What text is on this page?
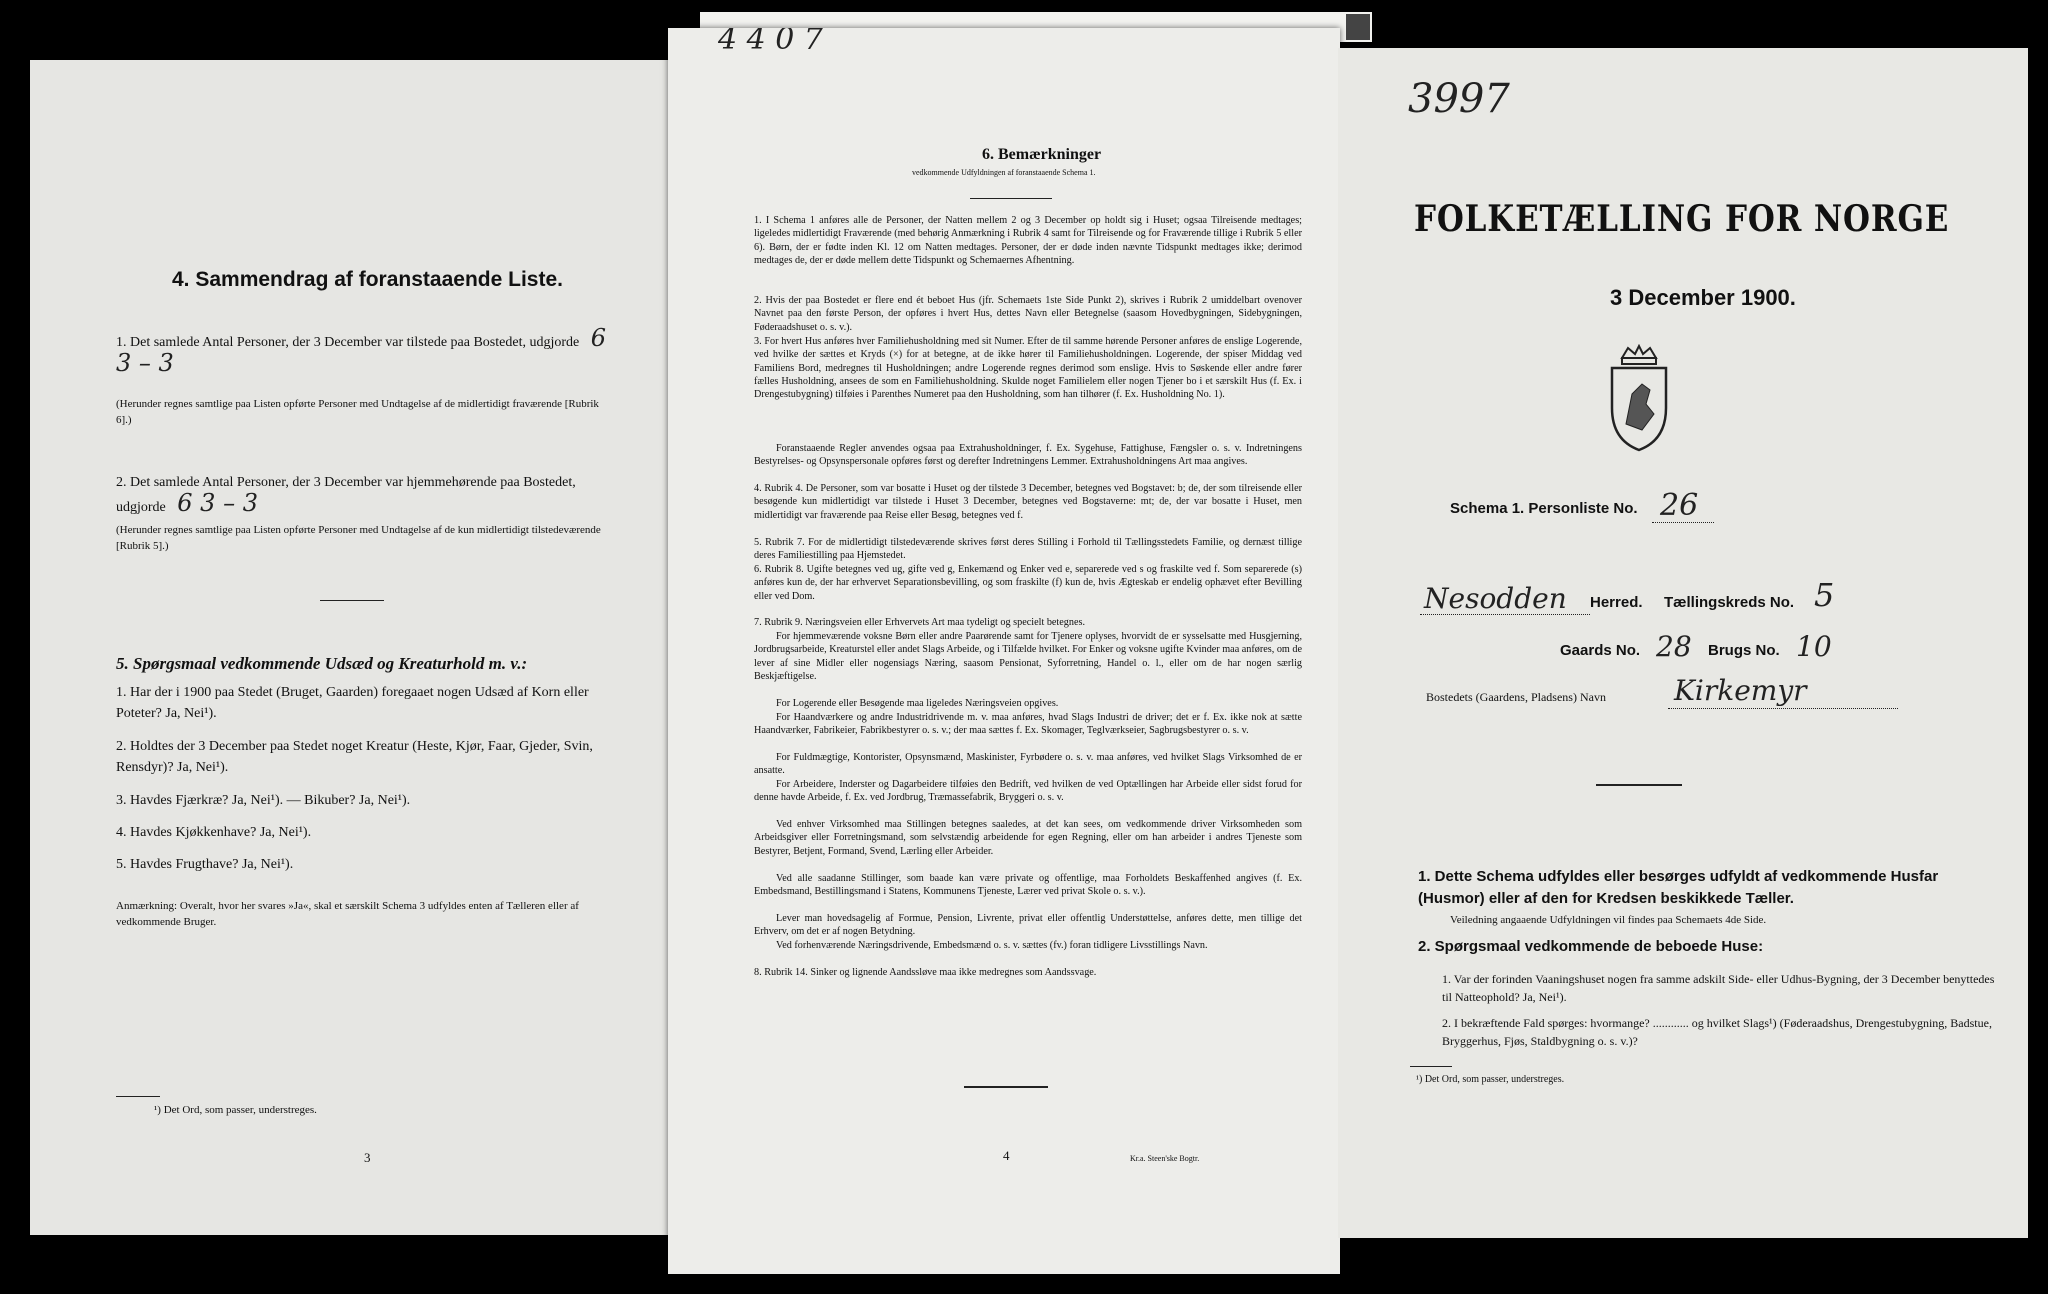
4. Sammendrag af foranstaaende Liste.
1. Det samlede Antal Personer, der 3 December var tilstede paa Bostedet, udgjorde 6 3 – 3
(Herunder regnes samtlige paa Listen opførte Personer med Undtagelse af de midlertidigt fraværende [Rubrik 6].)
2. Det samlede Antal Personer, der 3 December var hjemmehørende paa Bostedet, udgjorde 6 3 – 3
(Herunder regnes samtlige paa Listen opførte Personer med Undtagelse af de kun midlertidigt tilstedeværende [Rubrik 5].)
5. Spørgsmaal vedkommende Udsæd og Kreaturhold m. v.:
1. Har der i 1900 paa Stedet (Bruget, Gaarden) foregaaet nogen Udsæd af Korn eller Poteter? Ja, Nei¹).
2. Holdtes der 3 December paa Stedet noget Kreatur (Heste, Kjør, Faar, Gjeder, Svin, Rensdyr)? Ja, Nei¹).
3. Havdes Fjærkræ? Ja, Nei¹). — Bikuber? Ja, Nei¹).
4. Havdes Kjøkkenhave? Ja, Nei¹).
5. Havdes Frugthave? Ja, Nei¹).
Anmærkning: Overalt, hvor her svares »Ja«, skal et særskilt Schema 3 udfyldes enten af Tælleren eller af vedkommende Bruger.
¹) Det Ord, som passer, understreges.
3
4 4 0 7
6. Bemærkninger
vedkommende Udfyldningen af foranstaaende Schema 1.

1. I Schema 1 anføres alle de Personer, der Natten mellem 2 og 3 December op holdt sig i Huset; ogsaa Tilreisende medtages; ligeledes midlertidigt Fraværende (med behørig Anmærkning i Rubrik 4 samt for Tilreisende og for Fraværende tillige i Rubrik 5 eller 6). Børn, der er fødte inden Kl. 12 om Natten medtages. Personer, der er døde inden nævnte Tidspunkt medtages ikke; derimod medtages de, der er døde mellem dette Tidspunkt og Schemaernes Afhentning.

2. Hvis der paa Bostedet er flere end ét beboet Hus (jfr. Schemaets 1ste Side Punkt 2), skrives i Rubrik 2 umiddelbart ovenover Navnet paa den første Person, der opføres i hvert Hus, dettes Navn eller Betegnelse (saasom Hovedbygningen, Sidebygningen, Føderaadshuset o. s. v.).

3. For hvert Hus anføres hver Familiehusholdning med sit Numer. Efter de til samme hørende Personer anføres de enslige Logerende, ved hvilke der sættes et Kryds (×) for at betegne, at de ikke hører til Familiehusholdningen. Logerende, der spiser Middag ved Familiens Bord, medregnes til Husholdningen; andre Logerende regnes derimod som enslige. Hvis to Søskende eller andre fører fælles Husholdning, ansees de som en Familiehusholdning. Skulde noget Familielem eller nogen Tjener bo i et særskilt Hus (f. Ex. i Drengestubygning) tilføies i Parenthes Numeret paa den Husholdning, som han tilhører (f. Ex. Husholdning No. 1).

Foranstaaende Regler anvendes ogsaa paa Extrahusholdninger, f. Ex. Sygehuse, Fattighuse, Fængsler o. s. v. Indretningens Bestyrelses- og Opsynspersonale opføres først og derefter Indretningens Lemmer. Extrahusholdningens Art maa angives.

4. Rubrik 4. De Personer, som var bosatte i Huset og der tilstede 3 December, betegnes ved Bogstavet: b; de, der som tilreisende eller besøgende kun midlertidigt var tilstede i Huset 3 December, betegnes ved Bogstaverne: mt; de, der var bosatte i Huset, men midlertidigt var fraværende paa Reise eller Besøg, betegnes ved f.

5. Rubrik 7. For de midlertidigt tilstedeværende skrives først deres Stilling i Forhold til Tællingsstedets Familie, og dernæst tillige deres Familiestilling paa Hjemstedet.

6. Rubrik 8. Ugifte betegnes ved ug, gifte ved g, Enkemænd og Enker ved e, separerede ved s og fraskilte ved f. Som separerede (s) anføres kun de, der har erhvervet Separationsbevilling, og som fraskilte (f) kun de, hvis Ægteskab er endelig ophævet efter Bevilling eller ved Dom.

7. Rubrik 9. Næringsveien eller Erhvervets Art maa tydeligt og specielt betegnes.

For hjemmeværende voksne Børn eller andre Paarørende samt for Tjenere oplyses, hvorvidt de er sysselsatte med Husgjerning, Jordbrugsarbeide, Kreaturstel eller andet Slags Arbeide, og i Tilfælde hvilket. For Enker og voksne ugifte Kvinder maa anføres, om de lever af sine Midler eller nogensiags Næring, saasom Pensionat, Syforretning, Handel o. l., eller om de har nogen særlig Beskjæftigelse.

For Logerende eller Besøgende maa ligeledes Næringsveien opgives.

For Haandværkere og andre Industridrivende m. v. maa anføres, hvad Slags Industri de driver; det er f. Ex. ikke nok at sætte Haandværker, Fabrikeier, Fabrikbestyrer o. s. v.; der maa sættes f. Ex. Skomager, Teglværkseier, Sagbrugsbestyrer o. s. v.

For Fuldmægtige, Kontorister, Opsynsmænd, Maskinister, Fyrbødere o. s. v. maa anføres, ved hvilket Slags Virksomhed de er ansatte.

For Arbeidere, Inderster og Dagarbeidere tilføies den Bedrift, ved hvilken de ved Optællingen har Arbeide eller sidst forud for denne havde Arbeide, f. Ex. ved Jordbrug, Træmassefabrik, Bryggeri o. s. v.

Ved enhver Virksomhed maa Stillingen betegnes saaledes, at det kan sees, om vedkommende driver Virksomheden som Arbeidsgiver eller Forretningsmand, som selvstændig arbeidende for egen Regning, eller om han arbeider i andres Tjeneste som Bestyrer, Betjent, Formand, Svend, Lærling eller Arbeider.

Ved alle saadanne Stillinger, som baade kan være private og offentlige, maa Forholdets Beskaffenhed angives (f. Ex. Embedsmand, Bestillingsmand i Statens, Kommunens Tjeneste, Lærer ved privat Skole o. s. v.).

Lever man hovedsagelig af Formue, Pension, Livrente, privat eller offentlig Understøttelse, anføres dette, men tillige det Erhverv, om det er af nogen Betydning.

Ved forhenværende Næringsdrivende, Embedsmænd o. s. v. sættes (fv.) foran tidligere Livsstillings Navn.

8. Rubrik 14. Sinker og lignende Aandssløve maa ikke medregnes som Aandssvage.

4	Kr.a. Steen'ske Bogtr.
3997
FOLKETÆLLING FOR NORGE
3 December 1900.
Schema 1. Personliste No. 26
Nesodden Herred. Tællingskreds No. 5
Gaards No. 28 Brugs No. 10
Bostedets (Gaardens, Pladsens) Navn Kirkemyr
1. Dette Schema udfyldes eller besørges udfyldt af vedkommende Husfar (Husmor) eller af den for Kredsen beskikkede Tæller.
Veiledning angaaende Udfyldningen vil findes paa Schemaets 4de Side.
2. Spørgsmaal vedkommende de beboede Huse:
1. Var der forinden Vaaningshuset nogen fra samme adskilt Side- eller Udhus-Bygning, der 3 December benyttedes til Natteophold? Ja, Nei¹).
2. I bekræftende Fald spørges: hvormange? ............ og hvilket Slags¹) (Føderaadshus, Drengestubygning, Badstue, Bryggerhus, Fjøs, Staldbygning o. s. v.)?
¹) Det Ord, som passer, understreges.
